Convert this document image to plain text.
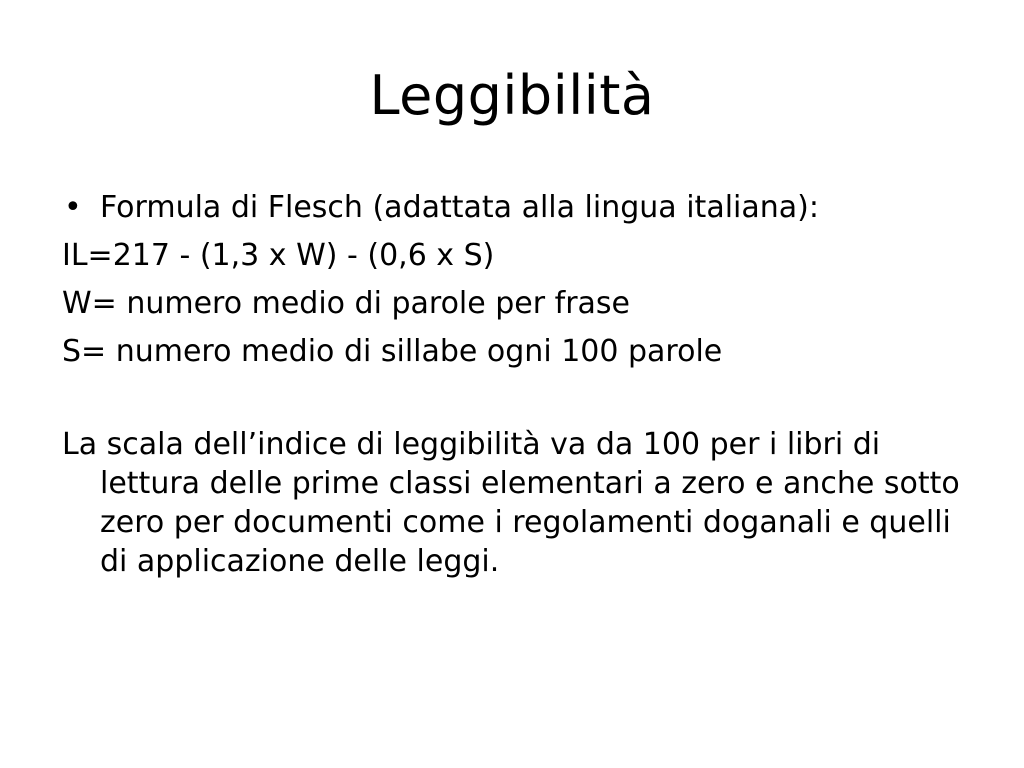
Leggibilità
• Formula di Flesch (adattata alla lingua italiana):
IL=217 - (1,3 x W) - (0,6 x S)
W= numero medio di parole per frase
S= numero medio di sillabe ogni 100 parole
La scala dell’indice di leggibilità va da 100 per i libri di lettura delle prime classi elementari a zero e anche sotto zero per documenti come i regolamenti doganali e quelli di applicazione delle leggi.
